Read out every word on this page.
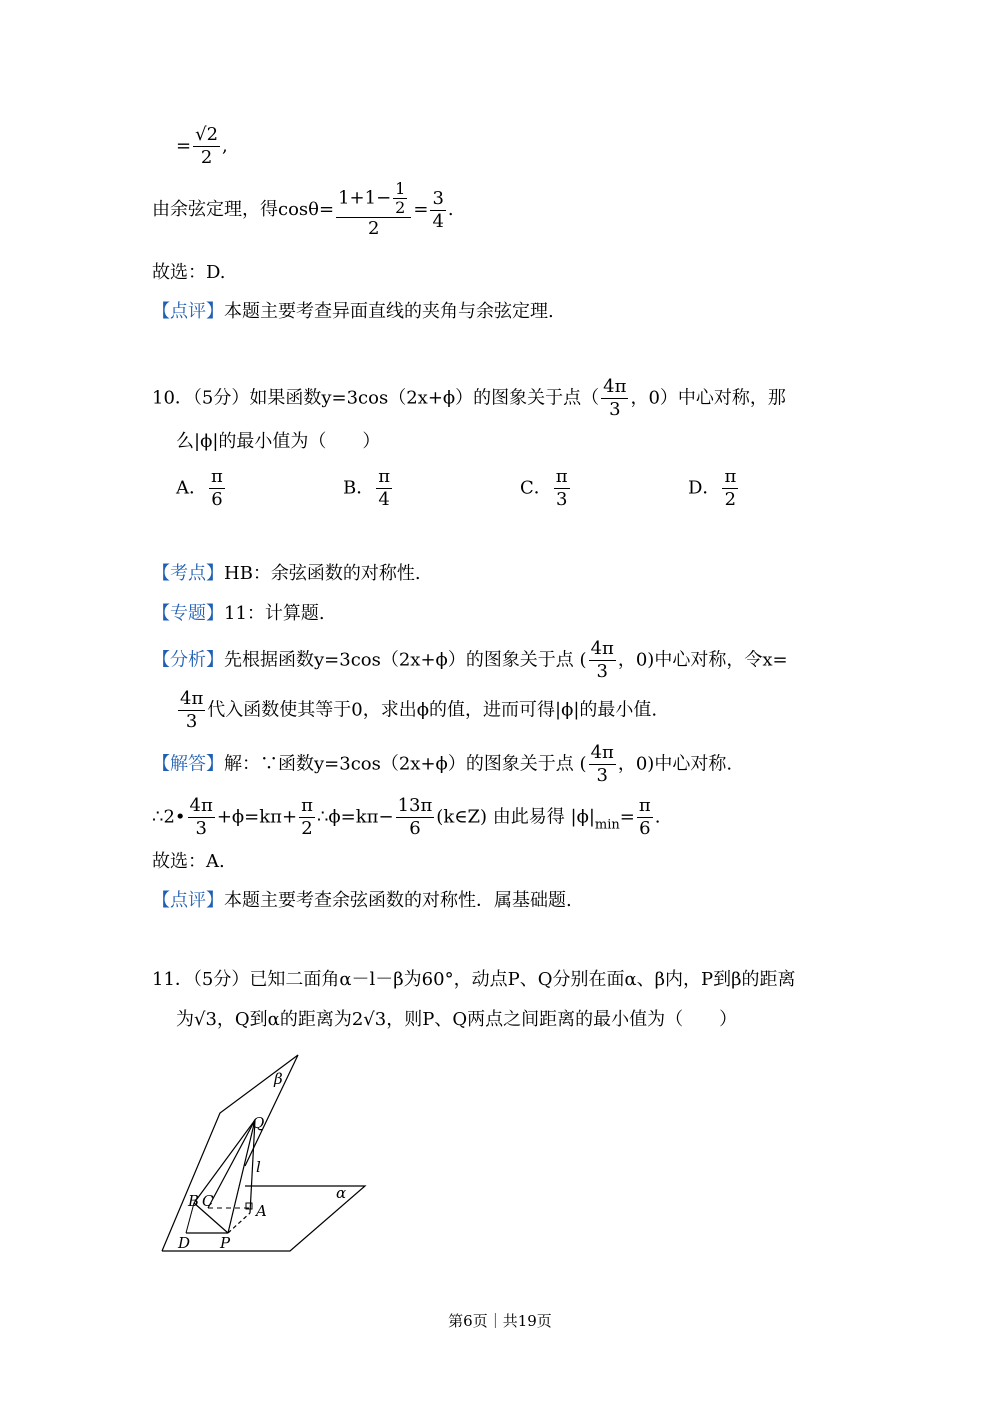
= $\frac{√2}{2}$ ,
由余弦定理，得$\cos\theta= \frac{1+1- \frac{1}{2}}{2} = \frac{3}{4}$ .
故选：D.
【点评】本题主要考查异面直线的夹角与余弦定理.
10．（5分）如果函数y=3cos（2x+ϕ）的图象关于点（ $\frac{4\pi}{3}$ ，0）中心对称，那
么|ϕ|的最小值为（　　）
A． $\frac{\pi}{6}$	B． $\frac{\pi}{4}$	C． $\frac{\pi}{3}$	D． $\frac{\pi}{2}$
【考点】HB：余弦函数的对称性.
【专题】11：计算题.
【分析】先根据函数y=3cos（2x+ϕ）的图象关于点 ( $\frac{4\pi}{3}$ ，0)中心对称，令x=
$\frac{4\pi}{3}$ 代入函数使其等于0，求出ϕ的值，进而可得|ϕ|的最小值.
【解答】解：∵函数y=3cos（2x+ϕ）的图象关于点 ( $\frac{4\pi}{3}$ ，0)中心对称.
∴2• $\frac{4\pi}{3} +\phi=k\pi+ \frac{\pi}{2}$ ∴ϕ=kπ− $\frac{13\pi}{6}$ (k∈Z) 由此易得 $|\phi|_{min}= \frac{\pi}{6}$ .
故选：A.
【点评】本题主要考查余弦函数的对称性．属基础题.
11．（5分）已知二面角α－l－β为60°，动点P、Q分别在面α、β内，P到β的距离
为√3，Q到α的距离为2√3，则P、Q两点之间距离的最小值为（　　）
β
Q
l
B C
A
α
D P
第6页｜共19页
